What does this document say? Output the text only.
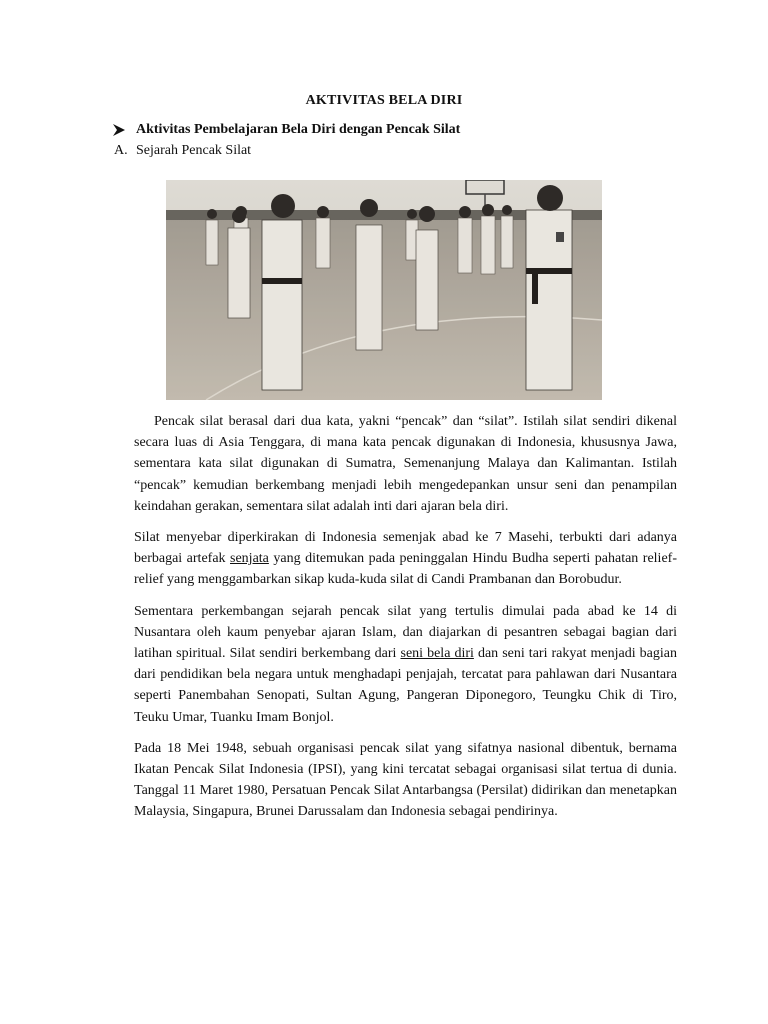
AKTIVITAS BELA DIRI
Aktivitas Pembelajaran Bela Diri dengan Pencak Silat
A. Sejarah Pencak Silat

Pencak silat berasal dari dua kata, yakni “pencak” dan “silat”. Istilah silat sendiri dikenal secara luas di Asia Tenggara, di mana kata pencak digunakan di Indonesia, khususnya Jawa, sementara kata silat digunakan di Sumatra, Semenanjung Malaya dan Kalimantan. Istilah “pencak” kemudian berkembang menjadi lebih mengedepankan unsur seni dan penampilan keindahan gerakan, sementara silat adalah inti dari ajaran bela diri.

Silat menyebar diperkirakan di Indonesia semenjak abad ke 7 Masehi, terbukti dari adanya berbagai artefak senjata yang ditemukan pada peninggalan Hindu Budha seperti pahatan relief-relief yang menggambarkan sikap kuda-kuda silat di Candi Prambanan dan Borobudur.

Sementara perkembangan sejarah pencak silat yang tertulis dimulai pada abad ke 14 di Nusantara oleh kaum penyebar ajaran Islam, dan diajarkan di pesantren sebagai bagian dari latihan spiritual. Silat sendiri berkembang dari seni bela diri dan seni tari rakyat menjadi bagian dari pendidikan bela negara untuk menghadapi penjajah, tercatat para pahlawan dari Nusantara seperti Panembahan Senopati, Sultan Agung, Pangeran Diponegoro, Teungku Chik di Tiro, Teuku Umar, Tuanku Imam Bonjol.

Pada 18 Mei 1948, sebuah organisasi pencak silat yang sifatnya nasional dibentuk, bernama Ikatan Pencak Silat Indonesia (IPSI), yang kini tercatat sebagai organisasi silat tertua di dunia. Tanggal 11 Maret 1980, Persatuan Pencak Silat Antarbangsa (Persilat) didirikan dan menetapkan Malaysia, Singapura, Brunei Darussalam dan Indonesia sebagai pendirinya.
